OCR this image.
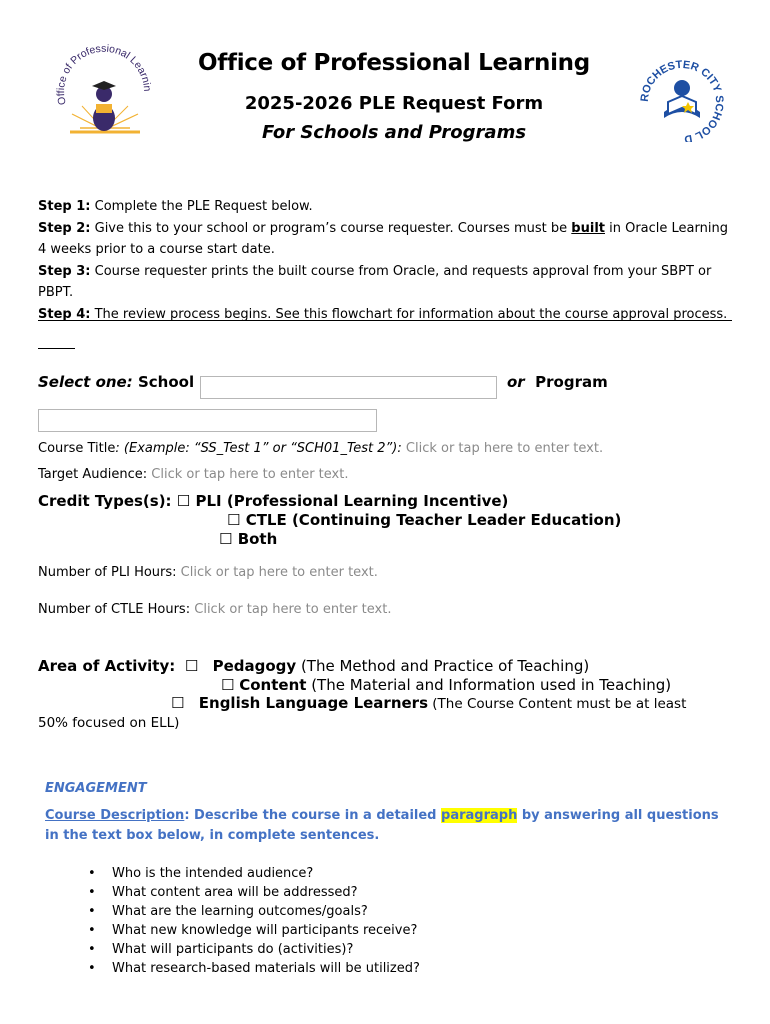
Office of Professional Learnin
Office of Professional Learning
2025-2026 PLE Request Form
For Schools and Programs
ROCHESTER CITY SCHOOL D
Step 1: Complete the PLE Request below.
Step 2: Give this to your school or program’s course requester. Courses must be built in Oracle Learning 4 weeks prior to a course start date.
Step 3: Course requester prints the built course from Oracle, and requests approval from your SBPT or PBPT.
Step 4: The review process begins. See this flowchart for information about the course approval process.
Select one: School	or Program
Course Title: (Example: “SS_Test 1” or “SCH01_Test 2”): Click or tap here to enter text.
Target Audience: Click or tap here to enter text.
Credit Types(s): ☐ PLI (Professional Learning Incentive)
☐ CTLE (Continuing Teacher Leader Education)
☐ Both
Number of PLI Hours: Click or tap here to enter text.
Number of CTLE Hours: Click or tap here to enter text.
Area of Activity: ☐ Pedagogy (The Method and Practice of Teaching)
☐ Content (The Material and Information used in Teaching)
☐ English Language Learners (The Course Content must be at least
50% focused on ELL)
ENGAGEMENT
Course Description: Describe the course in a detailed paragraph by answering all questions in the text box below, in complete sentences.
• Who is the intended audience?
• What content area will be addressed?
• What are the learning outcomes/goals?
• What new knowledge will participants receive?
• What will participants do (activities)?
• What research-based materials will be utilized?
